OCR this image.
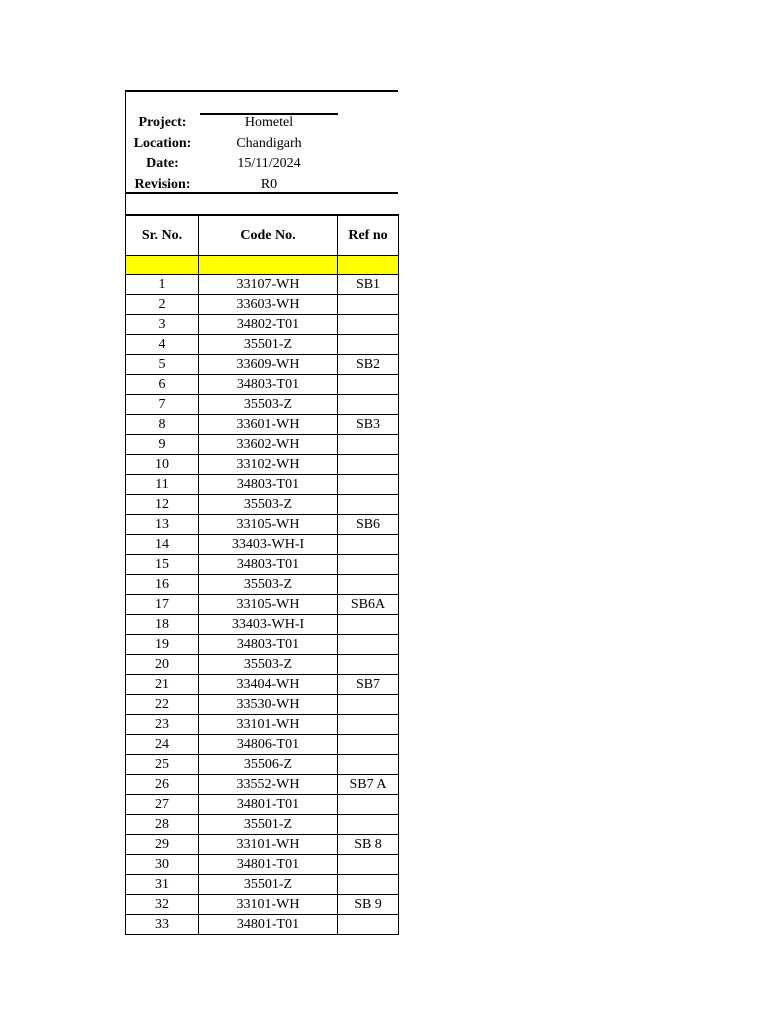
Project:	Hometel
Location:	Chandigarh
Date:	15/11/2024
Revision:	R0
Sr. No.	Code No.	Ref no

1	33107-WH	SB1
2	33603-WH	
3	34802-T01	
4	35501-Z	
5	33609-WH	SB2
6	34803-T01	
7	35503-Z	
8	33601-WH	SB3
9	33602-WH	
10	33102-WH	
11	34803-T01	
12	35503-Z	
13	33105-WH	SB6
14	33403-WH-I	
15	34803-T01	
16	35503-Z	
17	33105-WH	SB6A
18	33403-WH-I	
19	34803-T01	
20	35503-Z	
21	33404-WH	SB7
22	33530-WH	
23	33101-WH	
24	34806-T01	
25	35506-Z	
26	33552-WH	SB7 A
27	34801-T01	
28	35501-Z	
29	33101-WH	SB 8
30	34801-T01	
31	35501-Z	
32	33101-WH	SB 9
33	34801-T01	
